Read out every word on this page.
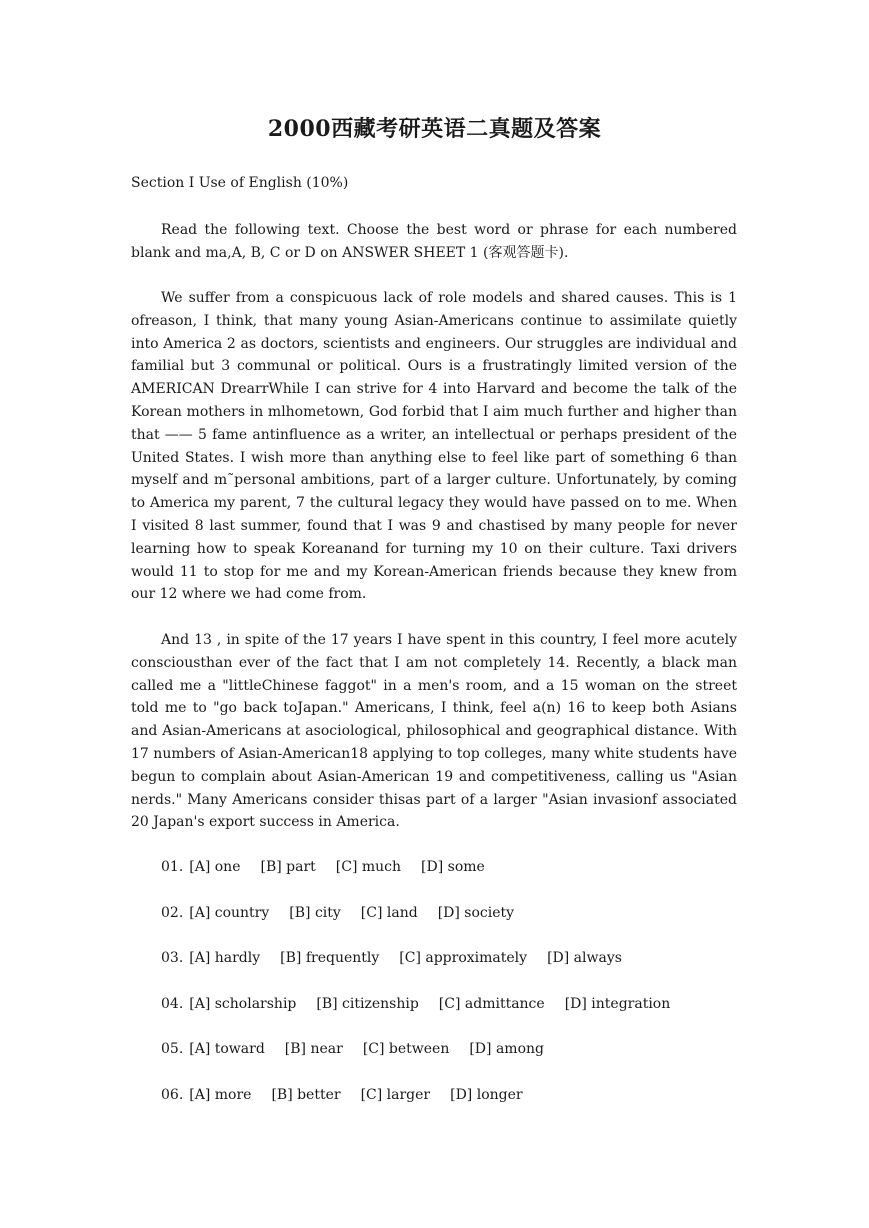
2000西藏考研英语二真题及答案

Section I Use of English (10%)

Read the following text. Choose the best word or phrase for each numbered blank and ma,A, B, C or D on ANSWER SHEET 1 (客观答题卡).

We suffer from a conspicuous lack of role models and shared causes. This is 1 ofreason, I think, that many young Asian-Americans continue to assimilate quietly into America 2 as doctors, scientists and engineers. Our struggles are individual and familial but 3 communal or political. Ours is a frustratingly limited version of the AMERICAN DrearrWhile I can strive for 4 into Harvard and become the talk of the Korean mothers in mlhometown, God forbid that I aim much further and higher than that —— 5 fame antinfluence as a writer, an intellectual or perhaps president of the United States. I wish more than anything else to feel like part of something 6 than myself and m˜personal ambitions, part of a larger culture. Unfortunately, by coming to America my parent, 7 the cultural legacy they would have passed on to me. When I visited 8 last summer, found that I was 9 and chastised by many people for never learning how to speak Koreanand for turning my 10 on their culture. Taxi drivers would 11 to stop for me and my Korean-American friends because they knew from our 12 where we had come from.

And 13 , in spite of the 17 years I have spent in this country, I feel more acutely consciousthan ever of the fact that I am not completely 14. Recently, a black man called me a "littleChinese faggot" in a men's room, and a 15 woman on the street told me to "go back toJapan." Americans, I think, feel a(n) 16 to keep both Asians and Asian-Americans at asociological, philosophical and geographical distance. With 17 numbers of Asian-American18 applying to top colleges, many white students have begun to complain about Asian-American 19 and competitiveness, calling us "Asian nerds." Many Americans consider thisas part of a larger "Asian invasionf associated 20 Japan's export success in America.

01. [A] one [B] part [C] much [D] some
02. [A] country [B] city [C] land [D] society
03. [A] hardly [B] frequently [C] approximately [D] always
04. [A] scholarship [B] citizenship [C] admittance [D] integration
05. [A] toward [B] near [C] between [D] among
06. [A] more [B] better [C] larger [D] longer
